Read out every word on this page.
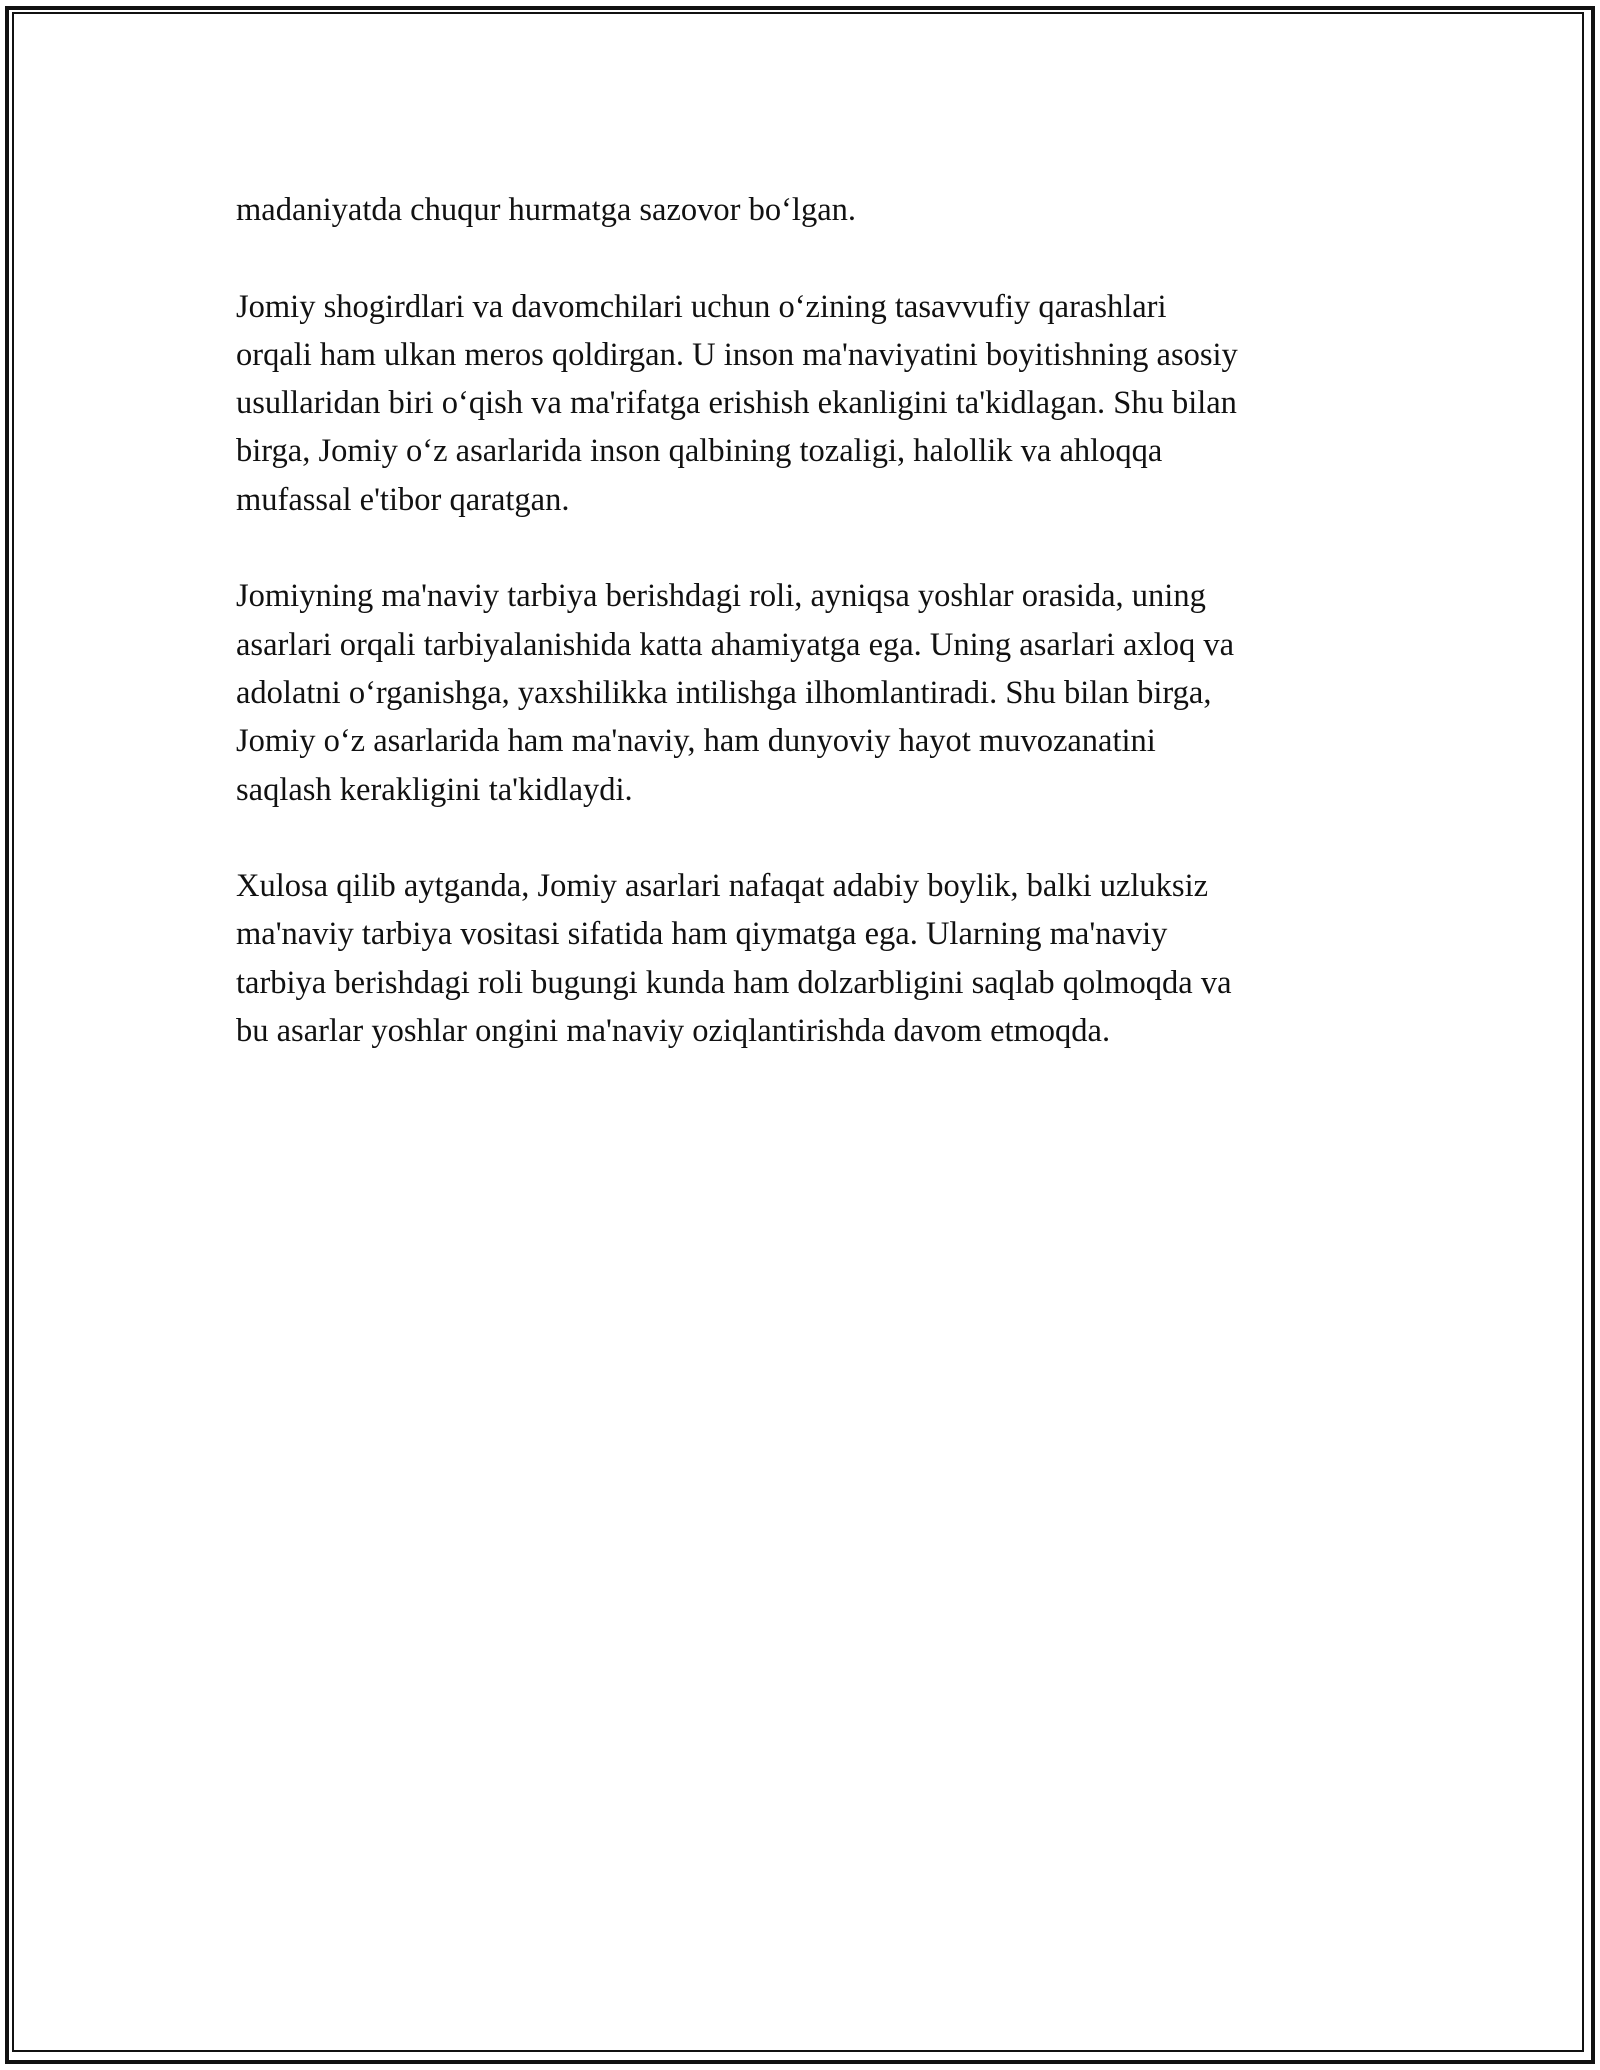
madaniyatda chuqur hurmatga sazovor boʻlgan.

Jomiy shogirdlari va davomchilari uchun oʻzining tasavvufiy qarashlari
orqali ham ulkan meros qoldirgan. U inson ma'naviyatini boyitishning asosiy
usullaridan biri oʻqish va ma'rifatga erishish ekanligini ta'kidlagan. Shu bilan
birga, Jomiy oʻz asarlarida inson qalbining tozaligi, halollik va ahloqqa
mufassal e'tibor qaratgan.

Jomiyning ma'naviy tarbiya berishdagi roli, ayniqsa yoshlar orasida, uning
asarlari orqali tarbiyalanishida katta ahamiyatga ega. Uning asarlari axloq va
adolatni oʻrganishga, yaxshilikka intilishga ilhomlantiradi. Shu bilan birga,
Jomiy oʻz asarlarida ham ma'naviy, ham dunyoviy hayot muvozanatini
saqlash kerakligini ta'kidlaydi.

Xulosa qilib aytganda, Jomiy asarlari nafaqat adabiy boylik, balki uzluksiz
ma'naviy tarbiya vositasi sifatida ham qiymatga ega. Ularning ma'naviy
tarbiya berishdagi roli bugungi kunda ham dolzarbligini saqlab qolmoqda va
bu asarlar yoshlar ongini ma'naviy oziqlantirishda davom etmoqda.
